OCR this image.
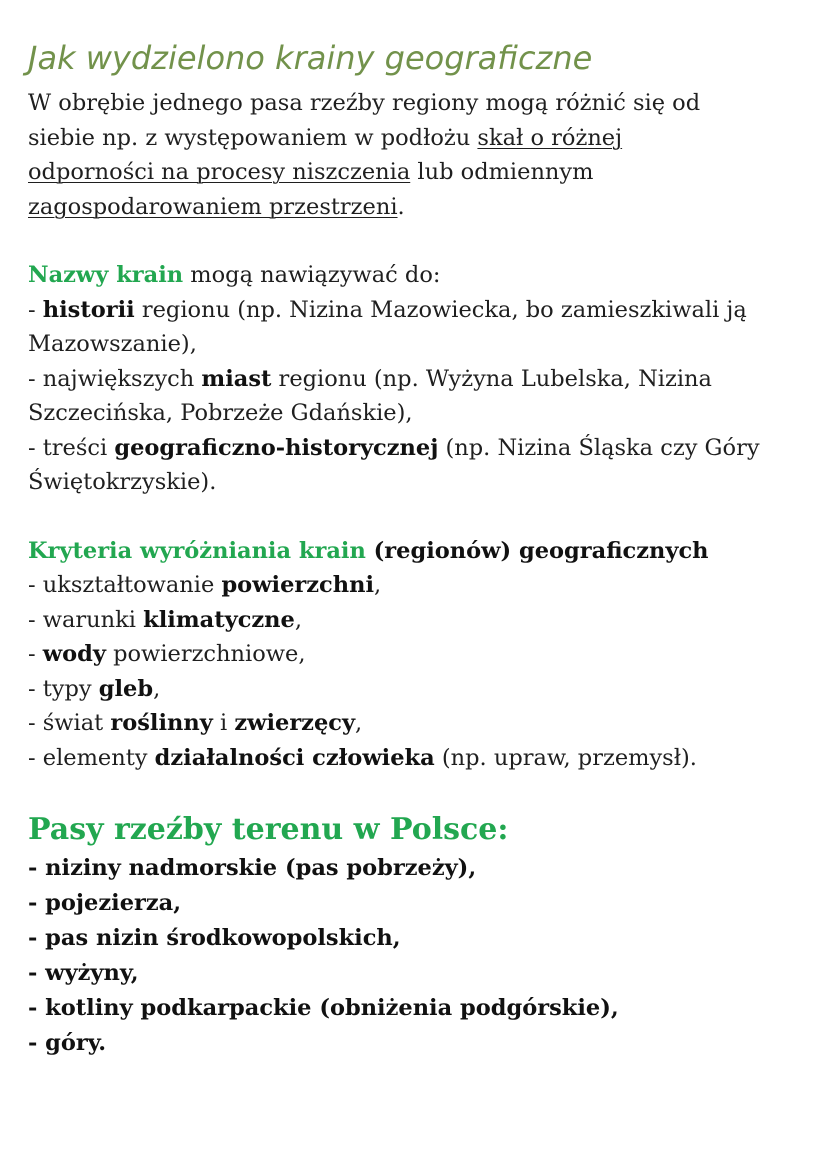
Jak wydzielono krainy geograficzne
W obrębie jednego pasa rzeźby regiony mogą różnić się od
siebie np. z występowaniem w podłożu skał o różnej
odporności na procesy niszczenia lub odmiennym
zagospodarowaniem przestrzeni.
Nazwy krain mogą nawiązywać do:
- historii regionu (np. Nizina Mazowiecka, bo zamieszkiwali ją
Mazowszanie),
- największych miast regionu (np. Wyżyna Lubelska, Nizina
Szczecińska, Pobrzeże Gdańskie),
- treści geograficzno-historycznej (np. Nizina Śląska czy Góry
Świętokrzyskie).
Kryteria wyróżniania krain (regionów) geograficznych
- ukształtowanie powierzchni,
- warunki klimatyczne,
- wody powierzchniowe,
- typy gleb,
- świat roślinny i zwierzęcy,
- elementy działalności człowieka (np. upraw, przemysł).
Pasy rzeźby terenu w Polsce:
- niziny nadmorskie (pas pobrzeży),
- pojezierza,
- pas nizin środkowopolskich,
- wyżyny,
- kotliny podkarpackie (obniżenia podgórskie),
- góry.
